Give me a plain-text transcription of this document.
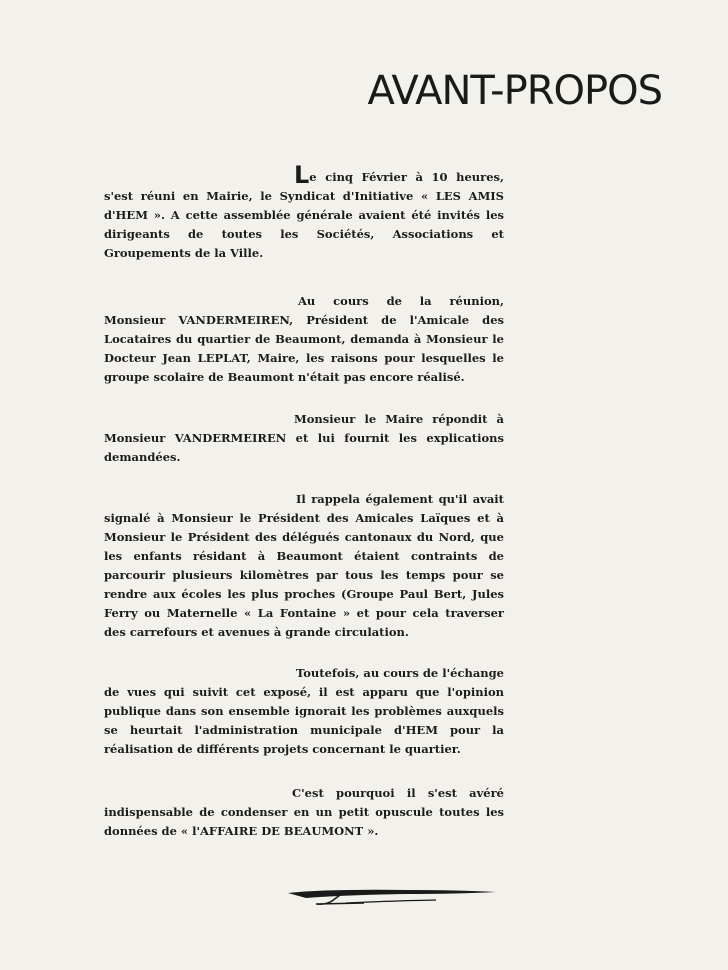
AVANT-PROPOS

Le cinq Février à 10 heures, s'est réuni en Mairie, le Syndicat d'Initiative « LES AMIS d'HEM ». A cette assemblée générale avaient été invités les dirigeants de toutes les Sociétés, Associations et Groupements de la Ville.

Au cours de la réunion, Monsieur VANDERMEIREN, Président de l'Amicale des Locataires du quartier de Beaumont, demanda à Monsieur le Docteur Jean LEPLAT, Maire, les raisons pour lesquelles le groupe scolaire de Beaumont n'était pas encore réalisé.

Monsieur le Maire répondit à Monsieur VANDERMEIREN et lui fournit les explications demandées.

Il rappela également qu'il avait signalé à Monsieur le Président des Amicales Laïques et à Monsieur le Président des délégués cantonaux du Nord, que les enfants résidant à Beaumont étaient contraints de parcourir plusieurs kilomètres par tous les temps pour se rendre aux écoles les plus proches (Groupe Paul Bert, Jules Ferry ou Maternelle « La Fontaine » et pour cela traverser des carrefours et avenues à grande circulation.

Toutefois, au cours de l'échange de vues qui suivit cet exposé, il est apparu que l'opinion publique dans son ensemble ignorait les problèmes auxquels se heurtait l'administration municipale d'HEM pour la réalisation de différents projets concernant le quartier.

C'est pourquoi il s'est avéré indispensable de condenser en un petit opuscule toutes les données de « l'AFFAIRE DE BEAUMONT ».
